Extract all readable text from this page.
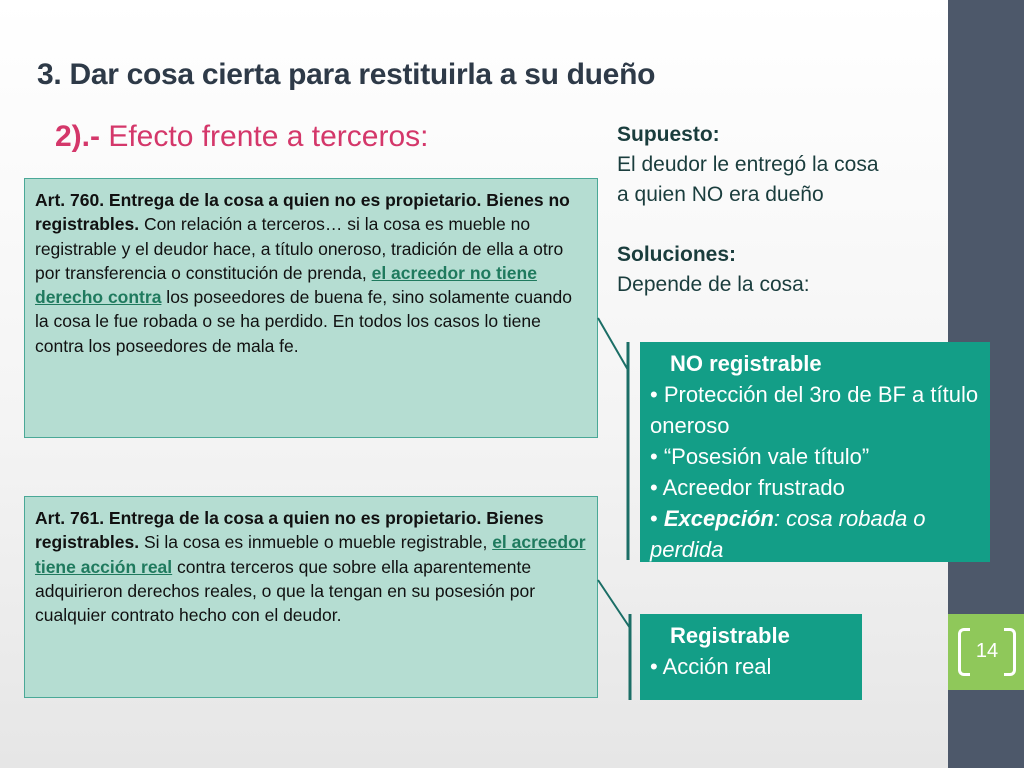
14
3. Dar cosa cierta para restituirla a su dueño
2).- Efecto frente a terceros:	Supuesto:
El deudor le entregó la cosa
a quien NO era dueño
Soluciones:
Depende de la cosa:
Art. 760. Entrega de la cosa a quien no es propietario. Bienes no registrables. Con relación a terceros… si la cosa es mueble no registrable y el deudor hace, a título oneroso, tradición de ella a otro por transferencia o constitución de prenda, el acreedor no tiene derecho contra los poseedores de buena fe, sino solamente cuando la cosa le fue robada o se ha perdido. En todos los casos lo tiene contra los poseedores de mala fe.
Art. 761. Entrega de la cosa a quien no es propietario. Bienes registrables. Si la cosa es inmueble o mueble registrable, el acreedor tiene acción real contra terceros que sobre ella aparentemente adquirieron derechos reales, o que la tengan en su posesión por cualquier contrato hecho con el deudor.
NO registrable
• Protección del 3ro de BF a título oneroso
• “Posesión vale título”
• Acreedor frustrado
• Excepción: cosa robada o perdida
Registrable
• Acción real
